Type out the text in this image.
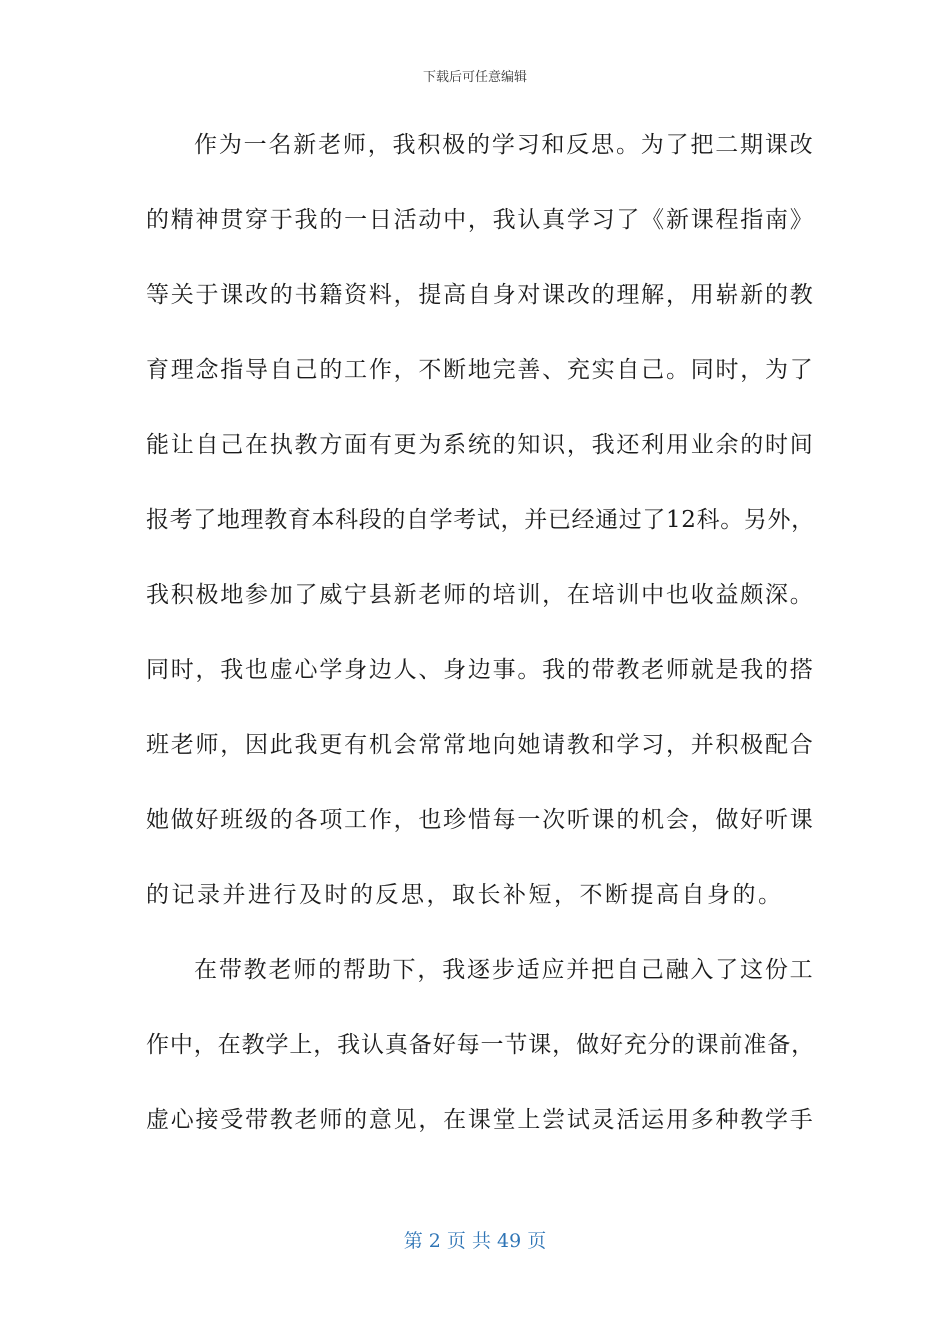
下载后可任意编辑
作为一名新老师，我积极的学习和反思。为了把二期课改
的精神贯穿于我的一日活动中，我认真学习了《新课程指南》
等关于课改的书籍资料，提高自身对课改的理解，用崭新的教
育理念指导自己的工作，不断地完善、充实自己。同时，为了
能让自己在执教方面有更为系统的知识，我还利用业余的时间
报考了地理教育本科段的自学考试，并已经通过了12科。另外，
我积极地参加了威宁县新老师的培训，在培训中也收益颇深。
同时，我也虚心学身边人、身边事。我的带教老师就是我的搭
班老师，因此我更有机会常常地向她请教和学习，并积极配合
她做好班级的各项工作，也珍惜每一次听课的机会，做好听课
的记录并进行及时的反思，取长补短，不断提高自身的。
在带教老师的帮助下，我逐步适应并把自己融入了这份工
作中，在教学上，我认真备好每一节课，做好充分的课前准备，
虚心接受带教老师的意见，在课堂上尝试灵活运用多种教学手
第 2 页 共 49 页
